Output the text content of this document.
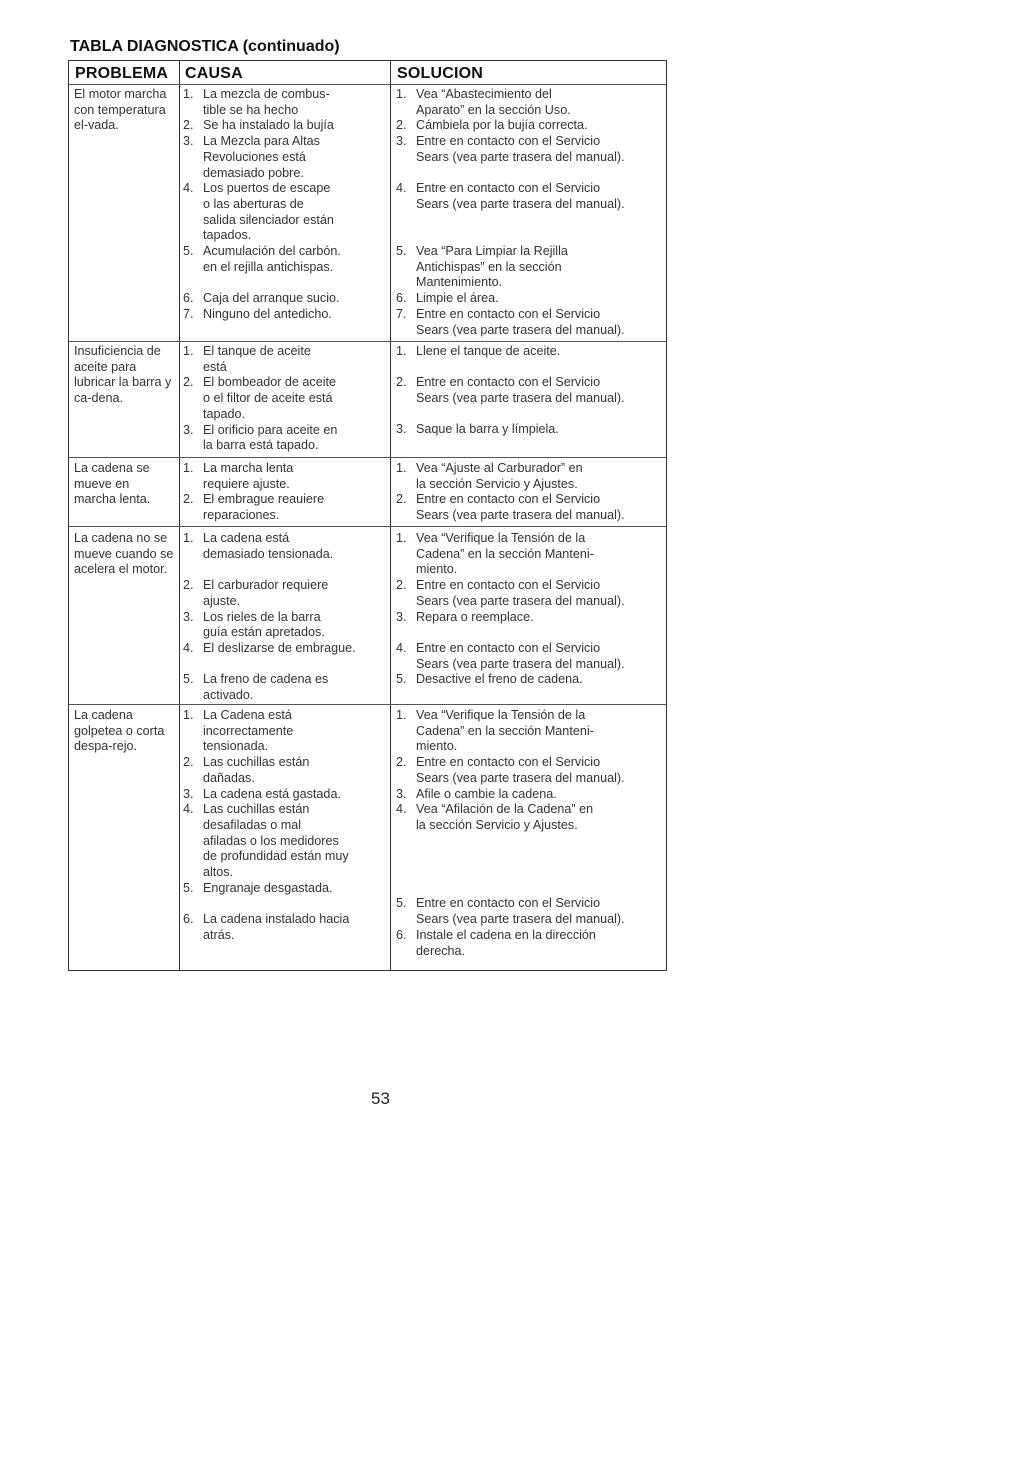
TABLA DIAGNOSTICA (continuado)
PROBLEMA CAUSA	SOLUCION
El motor marcha con temperatura el-vada.
1. La mezcla de combus-
tible se ha hecho
2. Se ha instalado la bujía
3. La Mezcla para Altas
Revoluciones está
demasiado pobre.
4. Los puertos de escape
o las aberturas de
salida silenciador están
tapados.
5. Acumulación del carbón.
en el rejilla antichispas.
6. Caja del arranque sucio.
7. Ninguno del antedicho.
1. Vea “Abastecimiento del
Aparato” en la sección Uso.
2. Cámbiela por la bujía correcta.
3. Entre en contacto con el Servicio
Sears (vea parte trasera del manual).
4. Entre en contacto con el Servicio
Sears (vea parte trasera del manual).
5. Vea “Para Limpiar la Rejilla
Antichispas” en la sección
Mantenimiento.
6. Limpie el área.
7. Entre en contacto con el Servicio
Sears (vea parte trasera del manual).
Insuficiencia de aceite para lubricar la barra y ca-dena.
1. El tanque de aceite
está
2. El bombeador de aceite
o el filtor de aceite está
tapado.
3. El orificio para aceite en
la barra está tapado.
1. Llene el tanque de aceite.
2. Entre en contacto con el Servicio
Sears (vea parte trasera del manual).
3. Saque la barra y límpiela.
La cadena se mueve en marcha lenta.
1. La marcha lenta
requiere ajuste.
2. El embrague reauiere
reparaciones.
1. Vea “Ajuste al Carburador” en
la sección Servicio y Ajustes.
2. Entre en contacto con el Servicio
Sears (vea parte trasera del manual).
La cadena no se mueve cuando se acelera el motor.
1. La cadena está
demasiado tensionada.
2. El carburador requiere
ajuste.
3. Los rieles de la barra
guía están apretados.
4. El deslizarse de embrague.
5. La freno de cadena es
activado.
1. Vea “Verifique la Tensión de la
Cadena” en la sección Manteni-
miento.
2. Entre en contacto con el Servicio
Sears (vea parte trasera del manual).
3. Repara o reemplace.
4. Entre en contacto con el Servicio
Sears (vea parte trasera del manual).
5. Desactive el freno de cadena.
La cadena golpetea o corta despa-rejo.
1. La Cadena está
incorrectamente
tensionada.
2. Las cuchillas están
dañadas.
3. La cadena está gastada.
4. Las cuchillas están
desafiladas o mal
afiladas o los medidores
de profundidad están muy
altos.
5. Engranaje desgastada.
6. La cadena instalado hacia
atrás.
1. Vea “Verifique la Tensión de la
Cadena” en la sección Manteni-
miento.
2. Entre en contacto con el Servicio
Sears (vea parte trasera del manual).
3. Afile o cambie la cadena.
4. Vea “Afilación de la Cadena” en
la sección Servicio y Ajustes.
5. Entre en contacto con el Servicio
Sears (vea parte trasera del manual).
6. Instale el cadena en la dirección
derecha.
53
